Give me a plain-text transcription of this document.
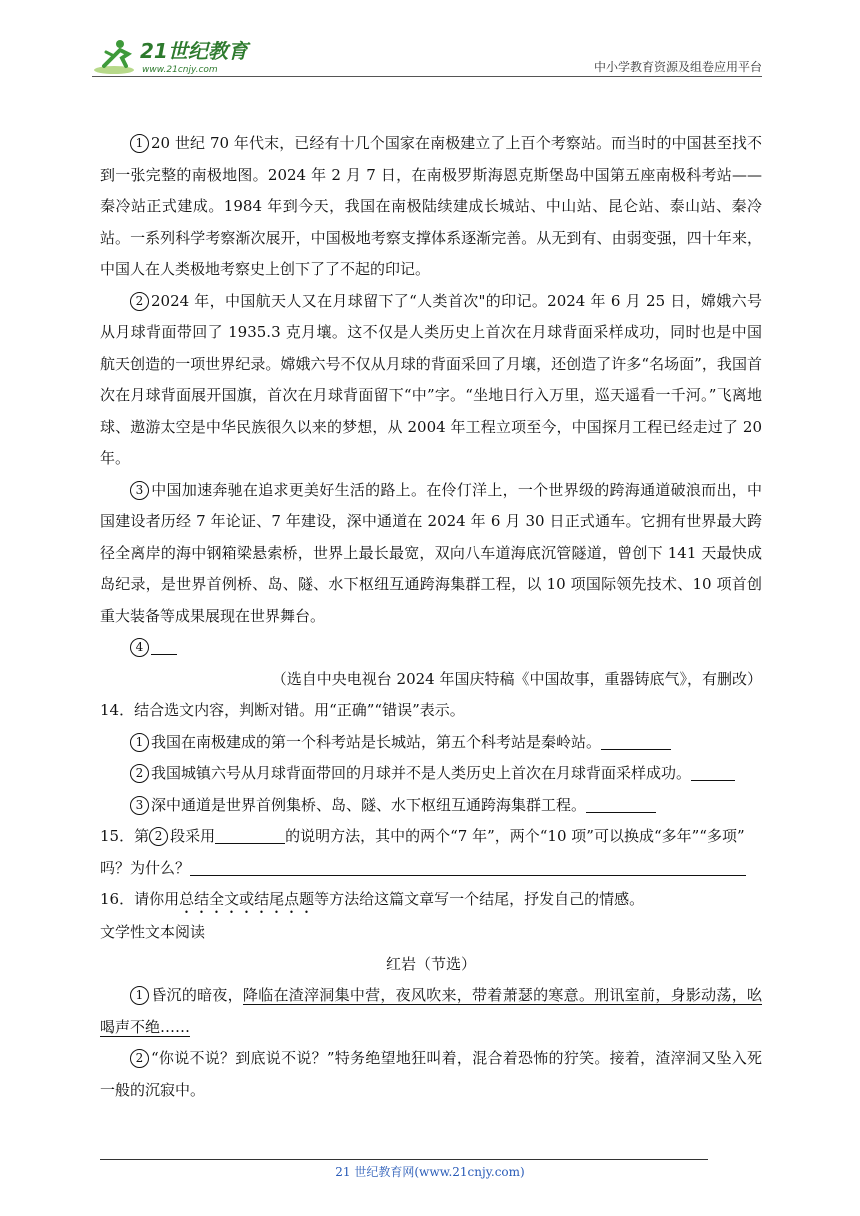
21世纪教育
www.21cnjy.com	中小学教育资源及组卷应用平台

1 20 世纪 70 年代末，已经有十几个国家在南极建立了上百个考察站。而当时的中国甚至找不到一张完整的南极地图。2024 年 2 月 7 日，在南极罗斯海恩克斯堡岛中国第五座南极科考站——秦冷站正式建成。1984 年到今天，我国在南极陆续建成长城站、中山站、昆仑站、泰山站、秦冷站。一系列科学考察渐次展开，中国极地考察支撑体系逐渐完善。从无到有、由弱变强，四十年来，中国人在人类极地考察史上创下了了不起的印记。

2 2024 年，中国航天人又在月球留下了“人类首次"的印记。2024 年 6 月 25 日，嫦娥六号从月球背面带回了 1935.3 克月壤。这不仅是人类历史上首次在月球背面采样成功，同时也是中国航天创造的一项世界纪录。嫦娥六号不仅从月球的背面采回了月壤，还创造了许多“名场面”，我国首次在月球背面展开国旗，首次在月球背面留下“中”字。“坐地日行入万里，巡天遥看一千河。”飞离地球、遨游太空是中华民族很久以来的梦想，从 2004 年工程立项至今，中国探月工程已经走过了 20 年。

3 中国加速奔驰在追求更美好生活的路上。在伶仃洋上，一个世界级的跨海通道破浪而出，中国建设者历经 7 年论证、7 年建设，深中通道在 2024 年 6 月 30 日正式通车。它拥有世界最大跨径全离岸的海中钢箱梁悬索桥，世界上最长最宽，双向八车道海底沉管隧道，曾创下 141 天最快成岛纪录，是世界首例桥、岛、隧、水下枢纽互通跨海集群工程，以 10 项国际领先技术、10 项首创重大装备等成果展现在世界舞台。

4

（选自中央电视台 2024 年国庆特稿《中国故事，重器铸底气》，有删改）

14．结合选文内容，判断对错。用“正确”“错误”表示。

1 我国在南极建成的第一个科考站是长城站，第五个科考站是秦岭站。

2 我国城镇六号从月球背面带回的月球并不是人类历史上首次在月球背面采样成功。

3 深中通道是世界首例集桥、岛、隧、水下枢纽互通跨海集群工程。

15．第 2 段采用	的说明方法，其中的两个“7 年”，两个“10 项”可以换成“多年”“多项”

吗？为什么？

16．请你用总结全文或结尾点题等方法给这篇文章写一个结尾，抒发自己的情感。

文学性文本阅读

红岩（节选）

1 昏沉的暗夜，降临在渣滓洞集中营，夜风吹来，带着萧瑟的寒意。刑讯室前，身影动荡，吆喝声不绝……

2 “你说不说？到底说不说？”特务绝望地狂叫着，混合着恐怖的狞笑。接着，渣滓洞又坠入死一般的沉寂中。

21 世纪教育网(www.21cnjy.com)
